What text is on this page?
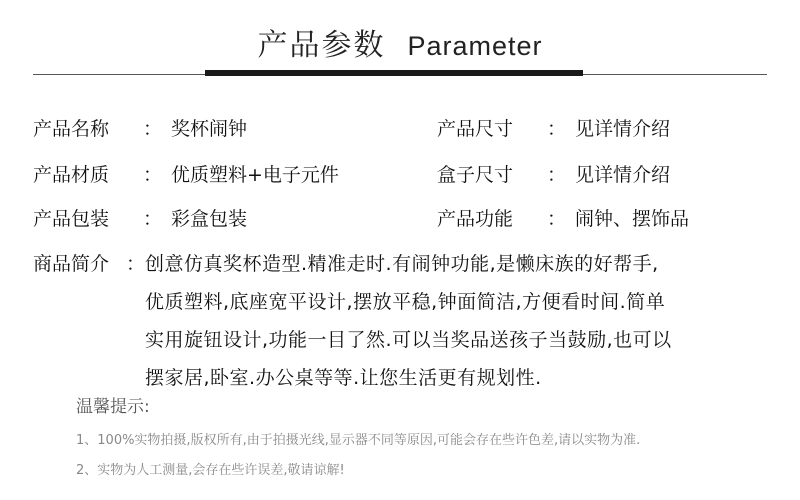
产品参数 Parameter
产品名称 ： 奖杯闹钟	产品尺寸 ： 见详情介绍
产品材质 ： 优质塑料+电子元件	盒子尺寸 ： 见详情介绍
产品包装 ： 彩盒包装	产品功能 ： 闹钟、摆饰品
商品简介 ： 创意仿真奖杯造型.精准走时.有闹钟功能,是懒床族的好帮手,
优质塑料,底座宽平设计,摆放平稳,钟面简洁,方便看时间.简单
实用旋钮设计,功能一目了然.可以当奖品送孩子当鼓励,也可以
摆家居,卧室.办公桌等等.让您生活更有规划性.
温馨提示:
1、100%实物拍摄,版权所有,由于拍摄光线,显示器不同等原因,可能会存在些许色差,请以实物为准.
2、实物为人工测量,会存在些许误差,敬请谅解!
